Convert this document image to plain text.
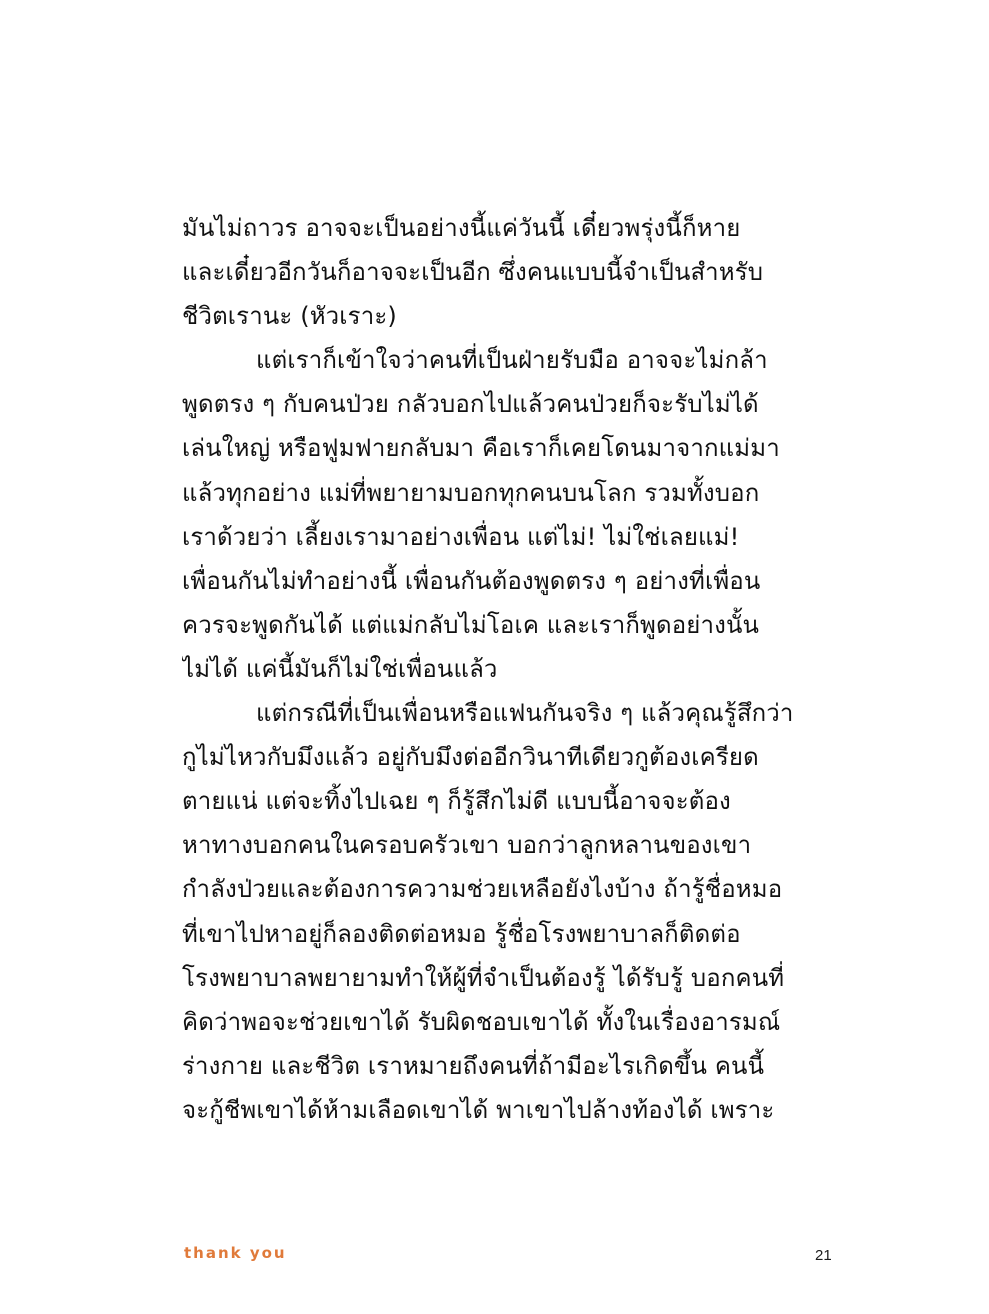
มันไม่ถาวร อาจจะเป็นอย่างนี้แค่วันนี้ เดี๋ยวพรุ่งนี้ก็หาย
และเดี๋ยวอีกวันก็อาจจะเป็นอีก ซึ่งคนแบบนี้จำเป็นสำหรับ
ชีวิตเรานะ (หัวเราะ)
แต่เราก็เข้าใจว่าคนที่เป็นฝ่ายรับมือ อาจจะไม่กล้า
พูดตรง ๆ กับคนป่วย กลัวบอกไปแล้วคนป่วยก็จะรับไม่ได้
เล่นใหญ่ หรือฟูมฟายกลับมา คือเราก็เคยโดนมาจากแม่มา
แล้วทุกอย่าง แม่ที่พยายามบอกทุกคนบนโลก รวมทั้งบอก
เราด้วยว่า เลี้ยงเรามาอย่างเพื่อน แต่ไม่! ไม่ใช่เลยแม่!
เพื่อนกันไม่ทำอย่างนี้ เพื่อนกันต้องพูดตรง ๆ อย่างที่เพื่อน
ควรจะพูดกันได้ แต่แม่กลับไม่โอเค และเราก็พูดอย่างนั้น
ไม่ได้ แค่นี้มันก็ไม่ใช่เพื่อนแล้ว
แต่กรณีที่เป็นเพื่อนหรือแฟนกันจริง ๆ แล้วคุณรู้สึกว่า
กูไม่ไหวกับมึงแล้ว อยู่กับมึงต่ออีกวินาทีเดียวกูต้องเครียด
ตายแน่ แต่จะทิ้งไปเฉย ๆ ก็รู้สึกไม่ดี แบบนี้อาจจะต้อง
หาทางบอกคนในครอบครัวเขา บอกว่าลูกหลานของเขา
กำลังป่วยและต้องการความช่วยเหลือยังไงบ้าง ถ้ารู้ชื่อหมอ
ที่เขาไปหาอยู่ก็ลองติดต่อหมอ รู้ชื่อโรงพยาบาลก็ติดต่อ
โรงพยาบาลพยายามทำให้ผู้ที่จำเป็นต้องรู้ ได้รับรู้ บอกคนที่
คิดว่าพอจะช่วยเขาได้ รับผิดชอบเขาได้ ทั้งในเรื่องอารมณ์
ร่างกาย และชีวิต เราหมายถึงคนที่ถ้ามีอะไรเกิดขึ้น คนนี้
จะกู้ชีพเขาได้ห้ามเลือดเขาได้ พาเขาไปล้างท้องได้ เพราะ
thank you	21
